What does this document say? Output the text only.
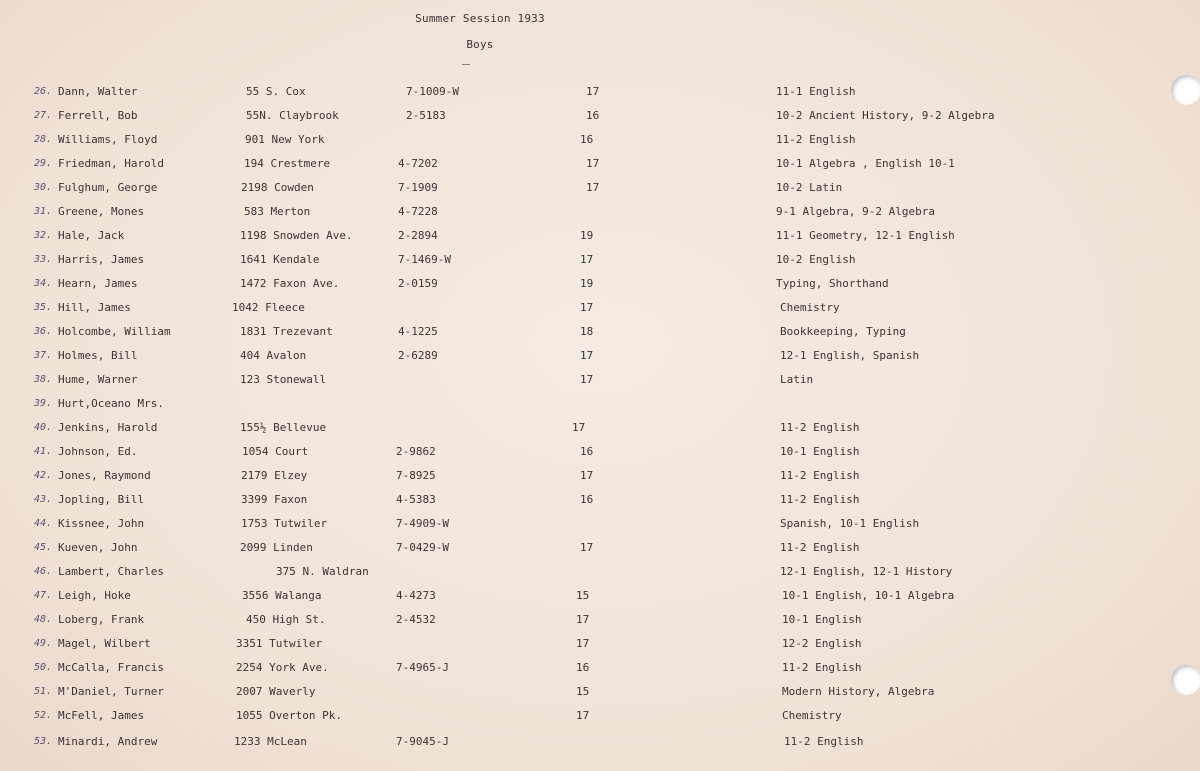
Summer Session 1933
Boys
26. Dann, Walter	55 S. Cox	7-1009-W	17	11-1 English
27. Ferrell, Bob	55N. Claybrook	2-5183	16	10-2 Ancient History, 9-2 Algebra
28. Williams, Floyd	901 New York	16	11-2 English
29. Friedman, Harold	194 Crestmere	4-7202	17	10-1 Algebra , English 10-1
30. Fulghum, George	2198 Cowden	7-1909	17	10-2 Latin
31. Greene, Mones	583 Merton	4-7228	9-1 Algebra, 9-2 Algebra
32. Hale, Jack	1198 Snowden Ave.	2-2894	19	11-1 Geometry, 12-1 English
33. Harris, James	1641 Kendale	7-1469-W	17	10-2 English
34. Hearn, James	1472 Faxon Ave.	2-0159	19	Typing, Shorthand
35. Hill, James	1042 Fleece	17	Chemistry
36. Holcombe, William	1831 Trezevant	4-1225	18	Bookkeeping, Typing
37. Holmes, Bill	404 Avalon	2-6289	17	12-1 English, Spanish
38. Hume, Warner	123 Stonewall	17	Latin
39. Hurt,Oceano Mrs.
40. Jenkins, Harold	155½ Bellevue	17	11-2 English
41. Johnson, Ed.	1054 Court	2-9862	16	10-1 English
42. Jones, Raymond	2179 Elzey	7-8925	17	11-2 English
43. Jopling, Bill	3399 Faxon	4-5383	16	11-2 English
44. Kissnee, John	1753 Tutwiler	7-4909-W	Spanish, 10-1 English
45. Kueven, John	2099 Linden	7-0429-W	17	11-2 English
46. Lambert, Charles	375 N. Waldran	12-1 English, 12-1 History
47. Leigh, Hoke	3556 Walanga	4-4273	15	10-1 English, 10-1 Algebra
48. Loberg, Frank	450 High St.	2-4532	17	10-1 English
49. Magel, Wilbert	3351 Tutwiler	17	12-2 English
50. McCalla, Francis	2254 York Ave.	7-4965-J	16	11-2 English
51. M'Daniel, Turner	2007 Waverly	15	Modern History, Algebra
52. McFell, James	1055 Overton Pk.	17	Chemistry
53. Minardi, Andrew	1233 McLean	7-9045-J	11-2 English
